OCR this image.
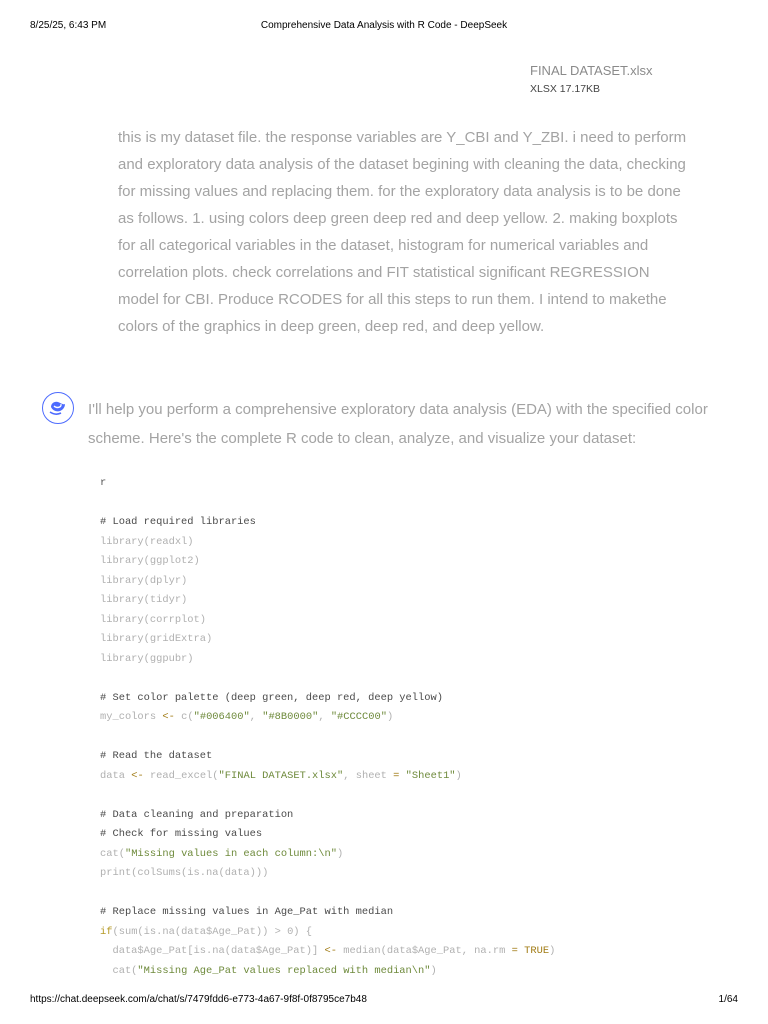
8/25/25, 6:43 PM	Comprehensive Data Analysis with R Code - DeepSeek
FINAL DATASET.xlsx
XLSX 17.17KB
this is my dataset file. the response variables are Y_CBI and Y_ZBI. i need to perform and exploratory data analysis of the dataset begining with cleaning the data, checking for missing values and replacing them. for the exploratory data analysis is to be done as follows. 1. using colors deep green deep red and deep yellow. 2. making boxplots for all categorical variables in the dataset, histogram for numerical variables and correlation plots. check correlations and FIT statistical significant REGRESSION model for CBI. Produce RCODES for all this steps to run them. I intend to makethe colors of the graphics in deep green, deep red, and deep yellow.
I'll help you perform a comprehensive exploratory data analysis (EDA) with the specified color scheme. Here's the complete R code to clean, analyze, and visualize your dataset:
r
# Load required libraries
library(readxl)
library(ggplot2)
library(dplyr)
library(tidyr)
library(corrplot)
library(gridExtra)
library(ggpubr)
# Set color palette (deep green, deep red, deep yellow)
my_colors <- c("#006400", "#8B0000", "#CCCC00")
# Read the dataset
data <- read_excel("FINAL DATASET.xlsx", sheet = "Sheet1")
# Data cleaning and preparation
# Check for missing values
cat("Missing values in each column:\n")
print(colSums(is.na(data)))
# Replace missing values in Age_Pat with median
if(sum(is.na(data$Age_Pat)) > 0) {
data$Age_Pat[is.na(data$Age_Pat)] <- median(data$Age_Pat, na.rm = TRUE)
cat("Missing Age_Pat values replaced with median\n")
https://chat.deepseek.com/a/chat/s/7479fdd6-e773-4a67-9f8f-0f8795ce7b48	1/64
